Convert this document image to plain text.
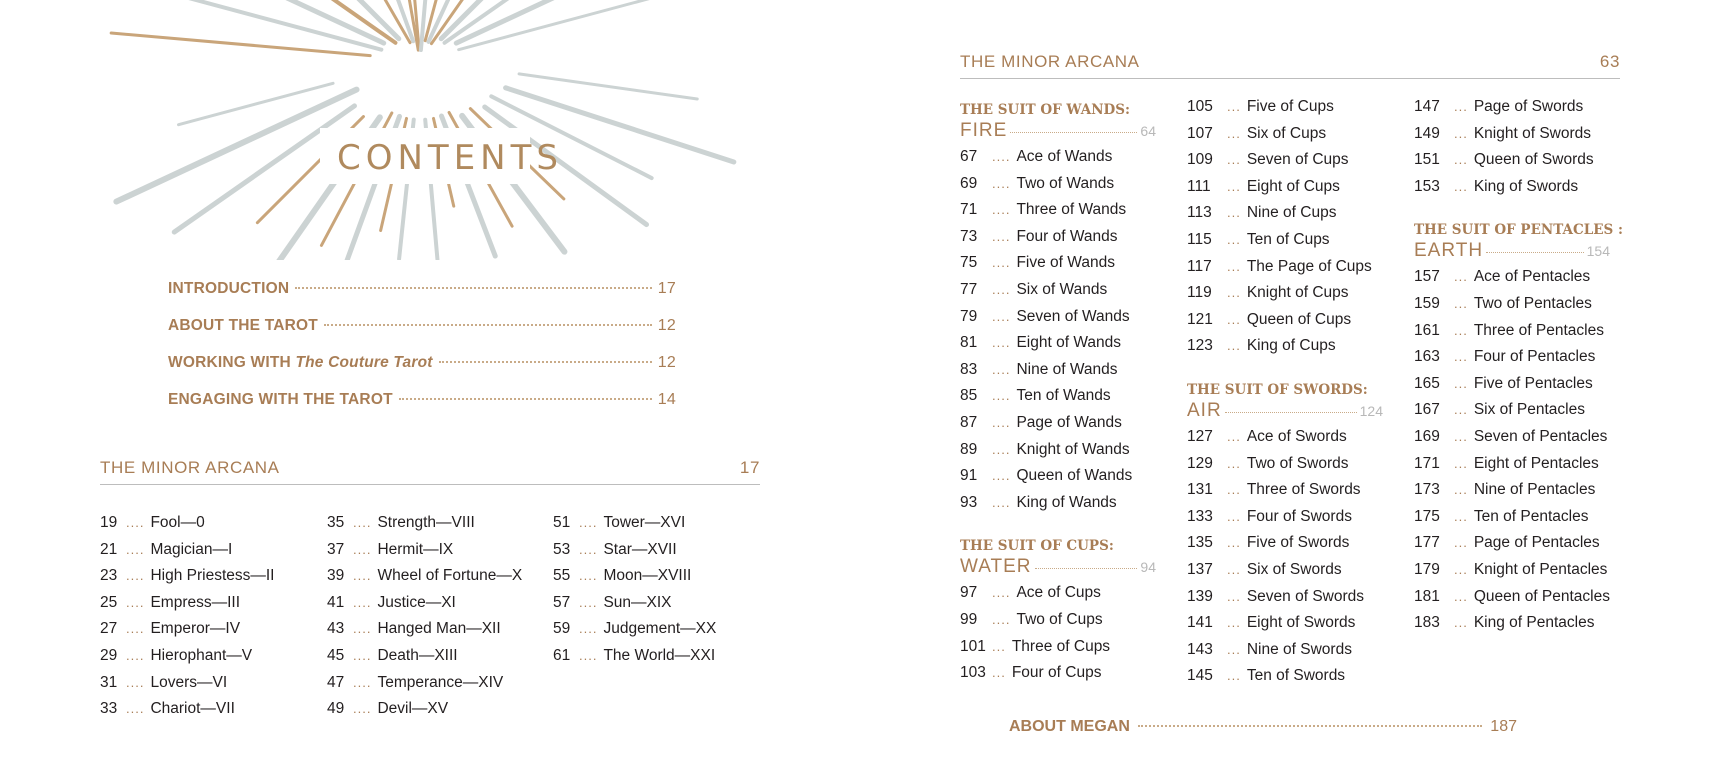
CONTENTS
INTRODUCTION	17
ABOUT THE TAROT	12
WORKING WITH The Couture Tarot	12
ENGAGING WITH THE TAROT	14
THE MINOR ARCANA	17
19 .... Fool—0
21 .... Magician—I
23 .... High Priestess—II
25 .... Empress—III
27 .... Emperor—IV
29 .... Hierophant—V
31 .... Lovers—VI
33 .... Chariot—VII
35 .... Strength—VIII
37 .... Hermit—IX
39 .... Wheel of Fortune—X
41 .... Justice—XI
43 .... Hanged Man—XII
45 .... Death—XIII
47 .... Temperance—XIV
49 .... Devil—XV
51 .... Tower—XVI
53 .... Star—XVII
55 .... Moon—XVIII
57 .... Sun—XIX
59 .... Judgement—XX
61 .... The World—XXI
THE MINOR ARCANA	63
THE SUIT OF WANDS:
FIRE	64
67	.... Ace of Wands
69	.... Two of Wands
71	.... Three of Wands
73	.... Four of Wands
75	.... Five of Wands
77	.... Six of Wands
79	.... Seven of Wands
81	.... Eight of Wands
83	.... Nine of Wands
85	.... Ten of Wands
87	.... Page of Wands
89	.... Knight of Wands
91	.... Queen of Wands
93	.... King of Wands
THE SUIT OF CUPS:
WATER	94
97	.... Ace of Cups
99	.... Two of Cups
101 ... Three of Cups
103 ... Four of Cups
105	... Five of Cups
107	... Six of Cups
109	... Seven of Cups
111	... Eight of Cups
113	... Nine of Cups
115	... Ten of Cups
117	... The Page of Cups
119	... Knight of Cups
121	... Queen of Cups
123	... King of Cups
THE SUIT OF SWORDS:
AIR	124
127	... Ace of Swords
129	... Two of Swords
131	... Three of Swords
133	... Four of Swords
135	... Five of Swords
137	... Six of Swords
139	... Seven of Swords
141	... Eight of Swords
143	... Nine of Swords
145	... Ten of Swords
147	... Page of Swords
149	... Knight of Swords
151	... Queen of Swords
153	... King of Swords
THE SUIT OF PENTACLES :
EARTH	154
157	... Ace of Pentacles
159	... Two of Pentacles
161	... Three of Pentacles
163	... Four of Pentacles
165	... Five of Pentacles
167	... Six of Pentacles
169	... Seven of Pentacles
171	... Eight of Pentacles
173	... Nine of Pentacles
175	... Ten of Pentacles
177	... Page of Pentacles
179	... Knight of Pentacles
181	... Queen of Pentacles
183	... King of Pentacles
ABOUT MEGAN	187
